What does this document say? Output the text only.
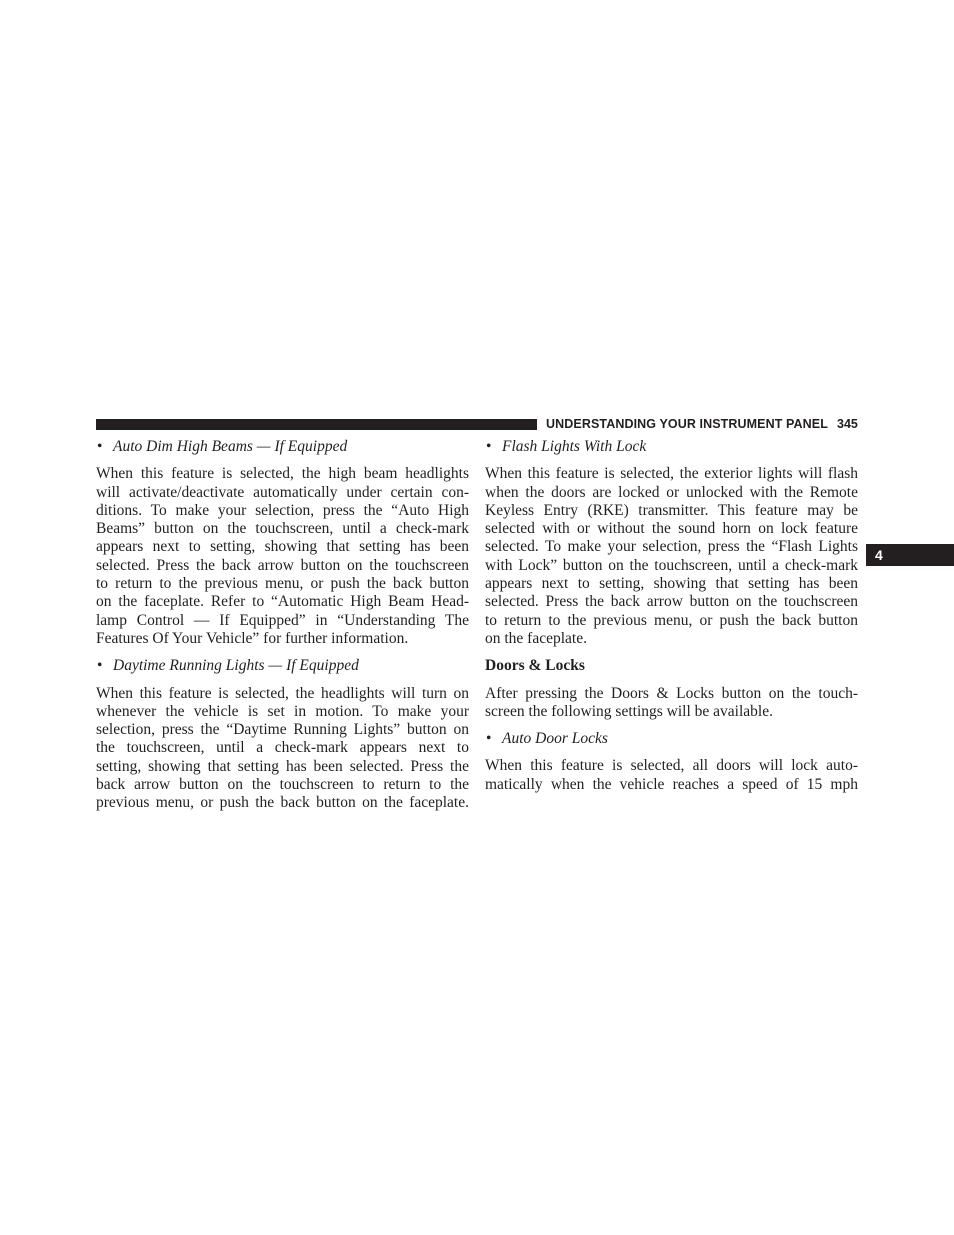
UNDERSTANDING YOUR INSTRUMENT PANEL 345
4
• Auto Dim High Beams — If Equipped
When this feature is selected, the high beam headlights
will activate/deactivate automatically under certain con-
ditions. To make your selection, press the “Auto High
Beams” button on the touchscreen, until a check-mark
appears next to setting, showing that setting has been
selected. Press the back arrow button on the touchscreen
to return to the previous menu, or push the back button
on the faceplate. Refer to “Automatic High Beam Head-
lamp Control — If Equipped” in “Understanding The
Features Of Your Vehicle” for further information.
• Daytime Running Lights — If Equipped
When this feature is selected, the headlights will turn on
whenever the vehicle is set in motion. To make your
selection, press the “Daytime Running Lights” button on
the touchscreen, until a check-mark appears next to
setting, showing that setting has been selected. Press the
back arrow button on the touchscreen to return to the
previous menu, or push the back button on the faceplate.
• Flash Lights With Lock
When this feature is selected, the exterior lights will flash
when the doors are locked or unlocked with the Remote
Keyless Entry (RKE) transmitter. This feature may be
selected with or without the sound horn on lock feature
selected. To make your selection, press the “Flash Lights
with Lock” button on the touchscreen, until a check-mark
appears next to setting, showing that setting has been
selected. Press the back arrow button on the touchscreen
to return to the previous menu, or push the back button
on the faceplate.
Doors & Locks
After pressing the Doors & Locks button on the touch-
screen the following settings will be available.
• Auto Door Locks
When this feature is selected, all doors will lock auto-
matically when the vehicle reaches a speed of 15 mph
